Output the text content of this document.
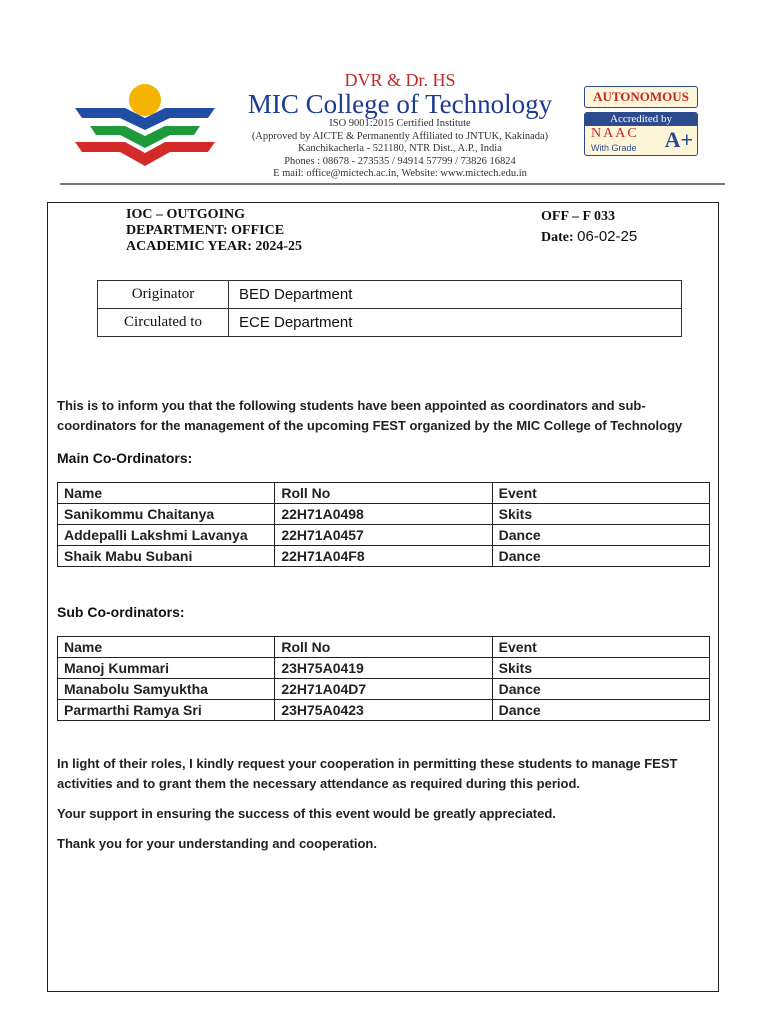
DVR & Dr. HS
MIC College of Technology
ISO 9001:2015 Certified Institute
(Approved by AICTE & Permanently Affiliated to JNTUK, Kakinada)
Kanchikacherla - 521180, NTR Dist., A.P., India
Phones : 08678 - 273535 / 94914 57799 / 73826 16824
E mail: office@mictech.ac.in, Website: www.mictech.edu.in
AUTONOMOUS
Accredited by
NAAC
With Grade A+
IOC – OUTGOING
DEPARTMENT: OFFICE
ACADEMIC YEAR: 2024-25
OFF – F 033
Date: 06-02-25
Originator	BED Department
Circulated to	ECE Department

This is to inform you that the following students have been appointed as coordinators and sub-coordinators for the management of the upcoming FEST organized by the MIC College of Technology

Main Co-Ordinators:
Name	Roll No	Event
Sanikommu Chaitanya	22H71A0498	Skits
Addepalli Lakshmi Lavanya	22H71A0457	Dance
Shaik Mabu Subani	22H71A04F8	Dance
Sub Co-ordinators:
Name	Roll No	Event
Manoj Kummari	23H75A0419	Skits
Manabolu Samyuktha	22H71A04D7	Dance
Parmarthi Ramya Sri	23H75A0423	Dance

In light of their roles, I kindly request your cooperation in permitting these students to manage FEST activities and to grant them the necessary attendance as required during this period.

Your support in ensuring the success of this event would be greatly appreciated.

Thank you for your understanding and cooperation.
